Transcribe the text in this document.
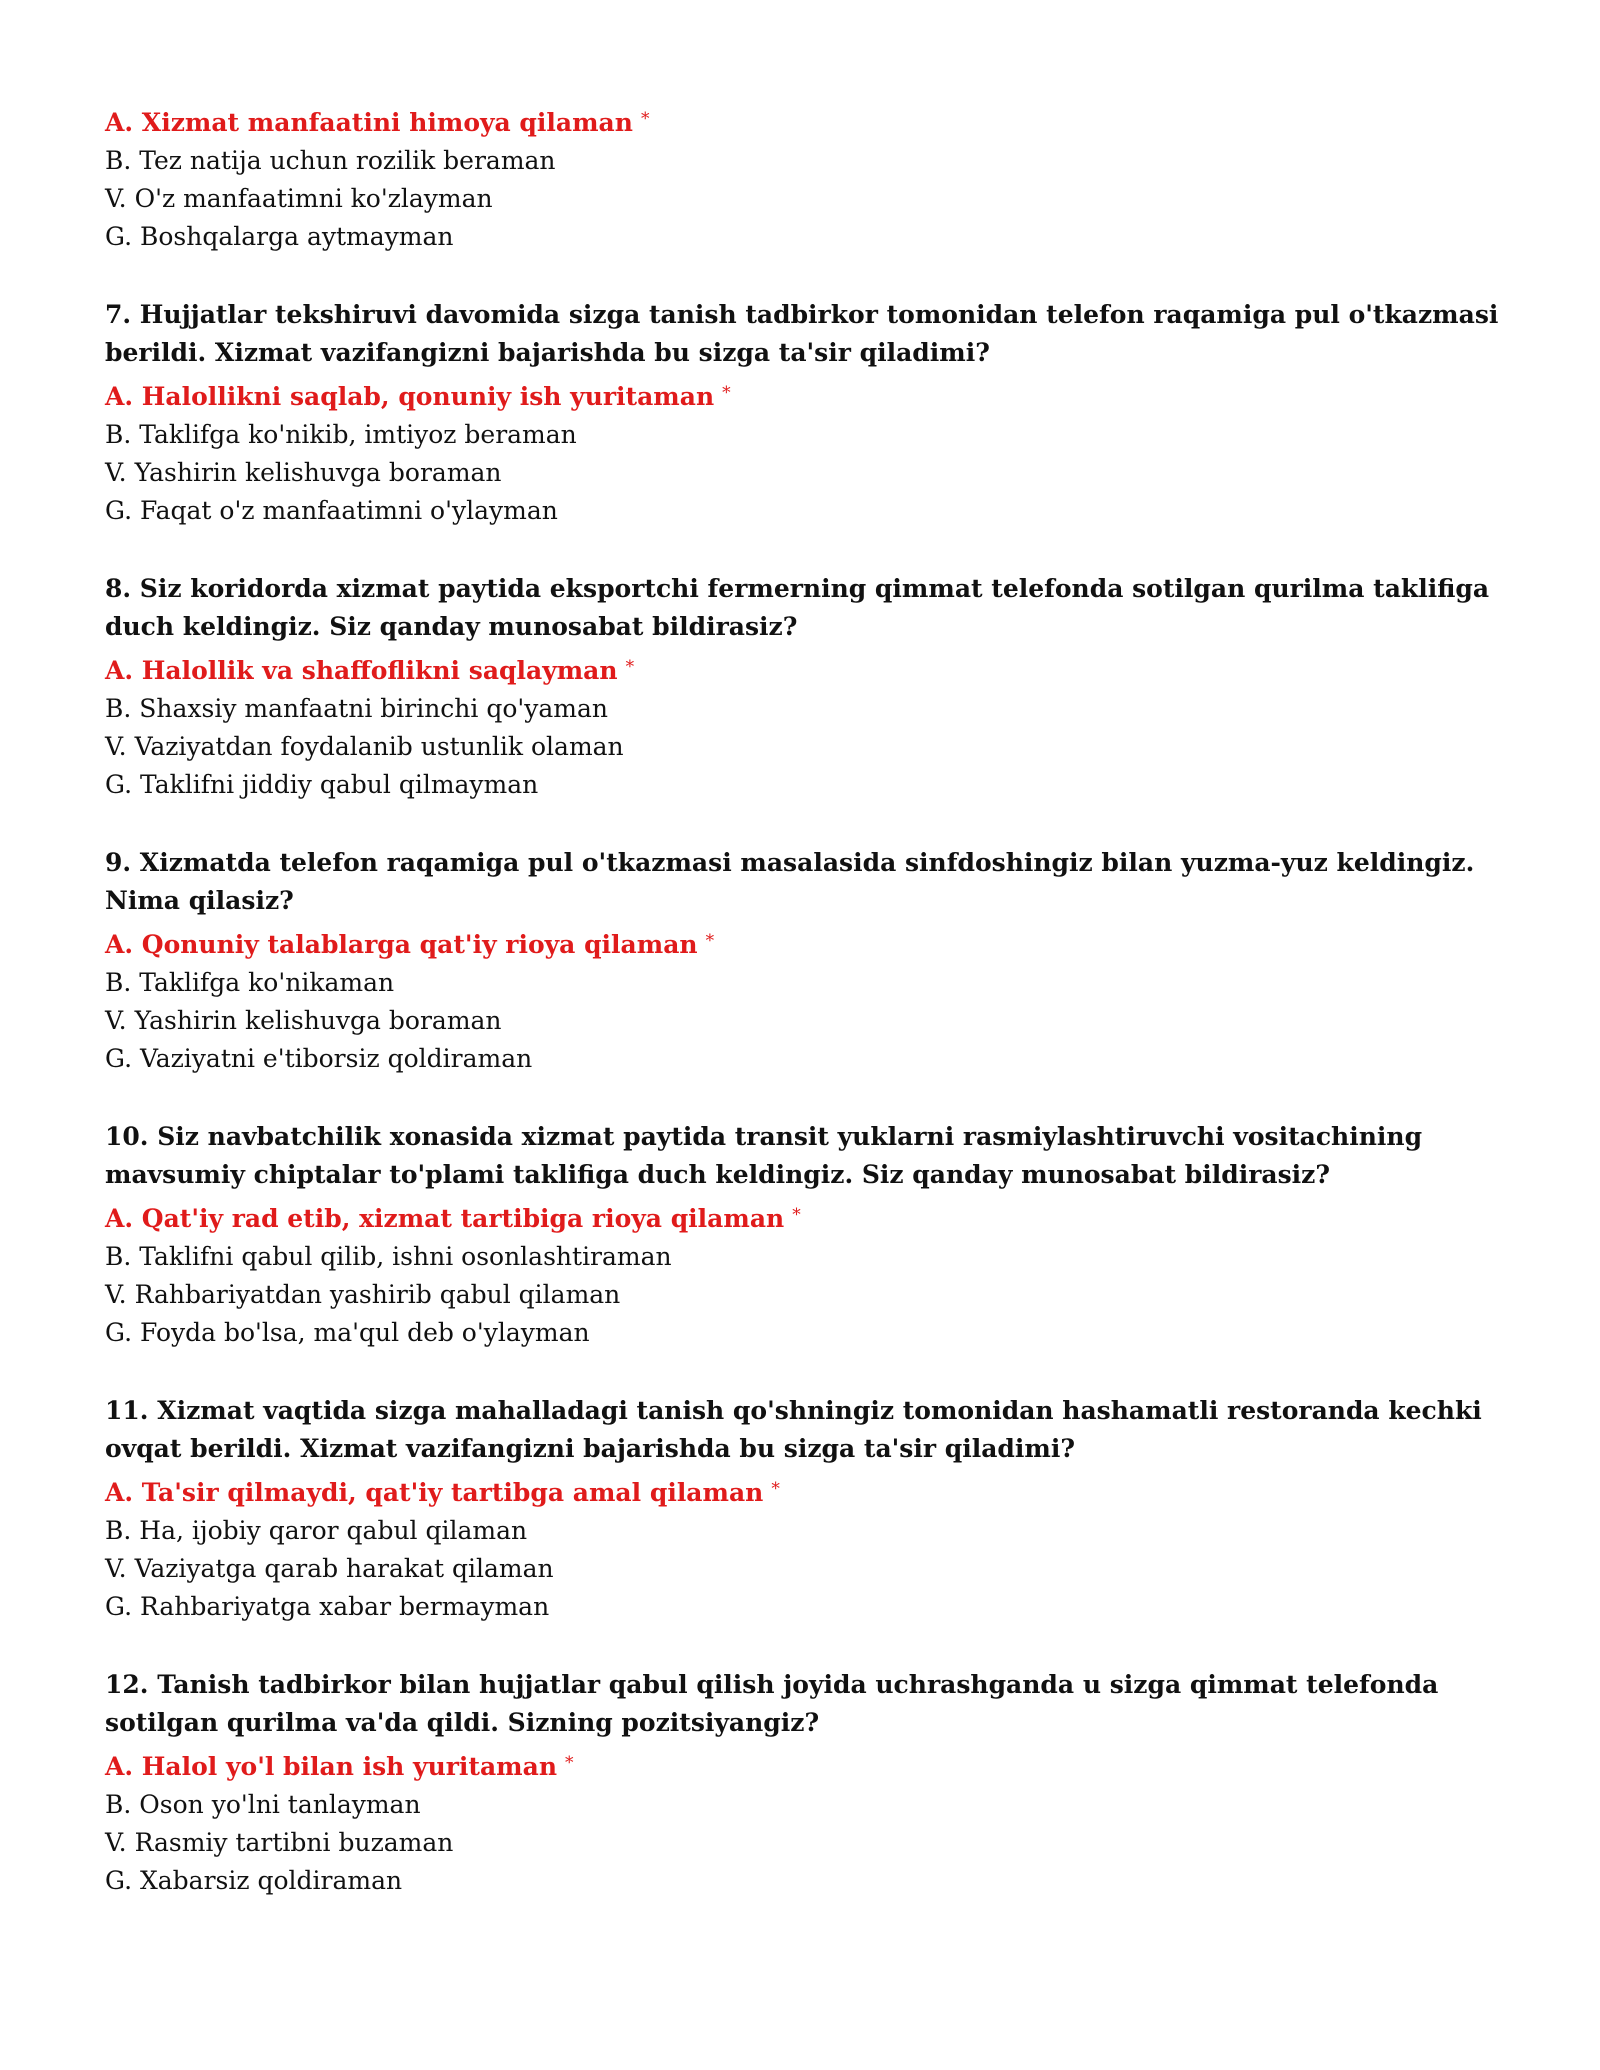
A. Xizmat manfaatini himoya qilaman *

B. Tez natija uchun rozilik beraman

V. O'z manfaatimni ko'zlayman

G. Boshqalarga aytmayman

7. Hujjatlar tekshiruvi davomida sizga tanish tadbirkor tomonidan telefon raqamiga pul o'tkazmasi berildi. Xizmat vazifangizni bajarishda bu sizga ta'sir qiladimi?

A. Halollikni saqlab, qonuniy ish yuritaman *

B. Taklifga ko'nikib, imtiyoz beraman

V. Yashirin kelishuvga boraman

G. Faqat o'z manfaatimni o'ylayman

8. Siz koridorda xizmat paytida eksportchi fermerning qimmat telefonda sotilgan qurilma taklifiga duch keldingiz. Siz qanday munosabat bildirasiz?

A. Halollik va shaffoflikni saqlayman *

B. Shaxsiy manfaatni birinchi qo'yaman

V. Vaziyatdan foydalanib ustunlik olaman

G. Taklifni jiddiy qabul qilmayman

9. Xizmatda telefon raqamiga pul o'tkazmasi masalasida sinfdoshingiz bilan yuzma-yuz keldingiz. Nima qilasiz?

A. Qonuniy talablarga qat'iy rioya qilaman *

B. Taklifga ko'nikaman

V. Yashirin kelishuvga boraman

G. Vaziyatni e'tiborsiz qoldiraman

10. Siz navbatchilik xonasida xizmat paytida transit yuklarni rasmiylashtiruvchi vositachining mavsumiy chiptalar to'plami taklifiga duch keldingiz. Siz qanday munosabat bildirasiz?

A. Qat'iy rad etib, xizmat tartibiga rioya qilaman *

B. Taklifni qabul qilib, ishni osonlashtiraman

V. Rahbariyatdan yashirib qabul qilaman

G. Foyda bo'lsa, ma'qul deb o'ylayman

11. Xizmat vaqtida sizga mahalladagi tanish qo'shningiz tomonidan hashamatli restoranda kechki ovqat berildi. Xizmat vazifangizni bajarishda bu sizga ta'sir qiladimi?

A. Ta'sir qilmaydi, qat'iy tartibga amal qilaman *

B. Ha, ijobiy qaror qabul qilaman

V. Vaziyatga qarab harakat qilaman

G. Rahbariyatga xabar bermayman

12. Tanish tadbirkor bilan hujjatlar qabul qilish joyida uchrashganda u sizga qimmat telefonda sotilgan qurilma va'da qildi. Sizning pozitsiyangiz?

A. Halol yo'l bilan ish yuritaman *

B. Oson yo'lni tanlayman

V. Rasmiy tartibni buzaman

G. Xabarsiz qoldiraman
